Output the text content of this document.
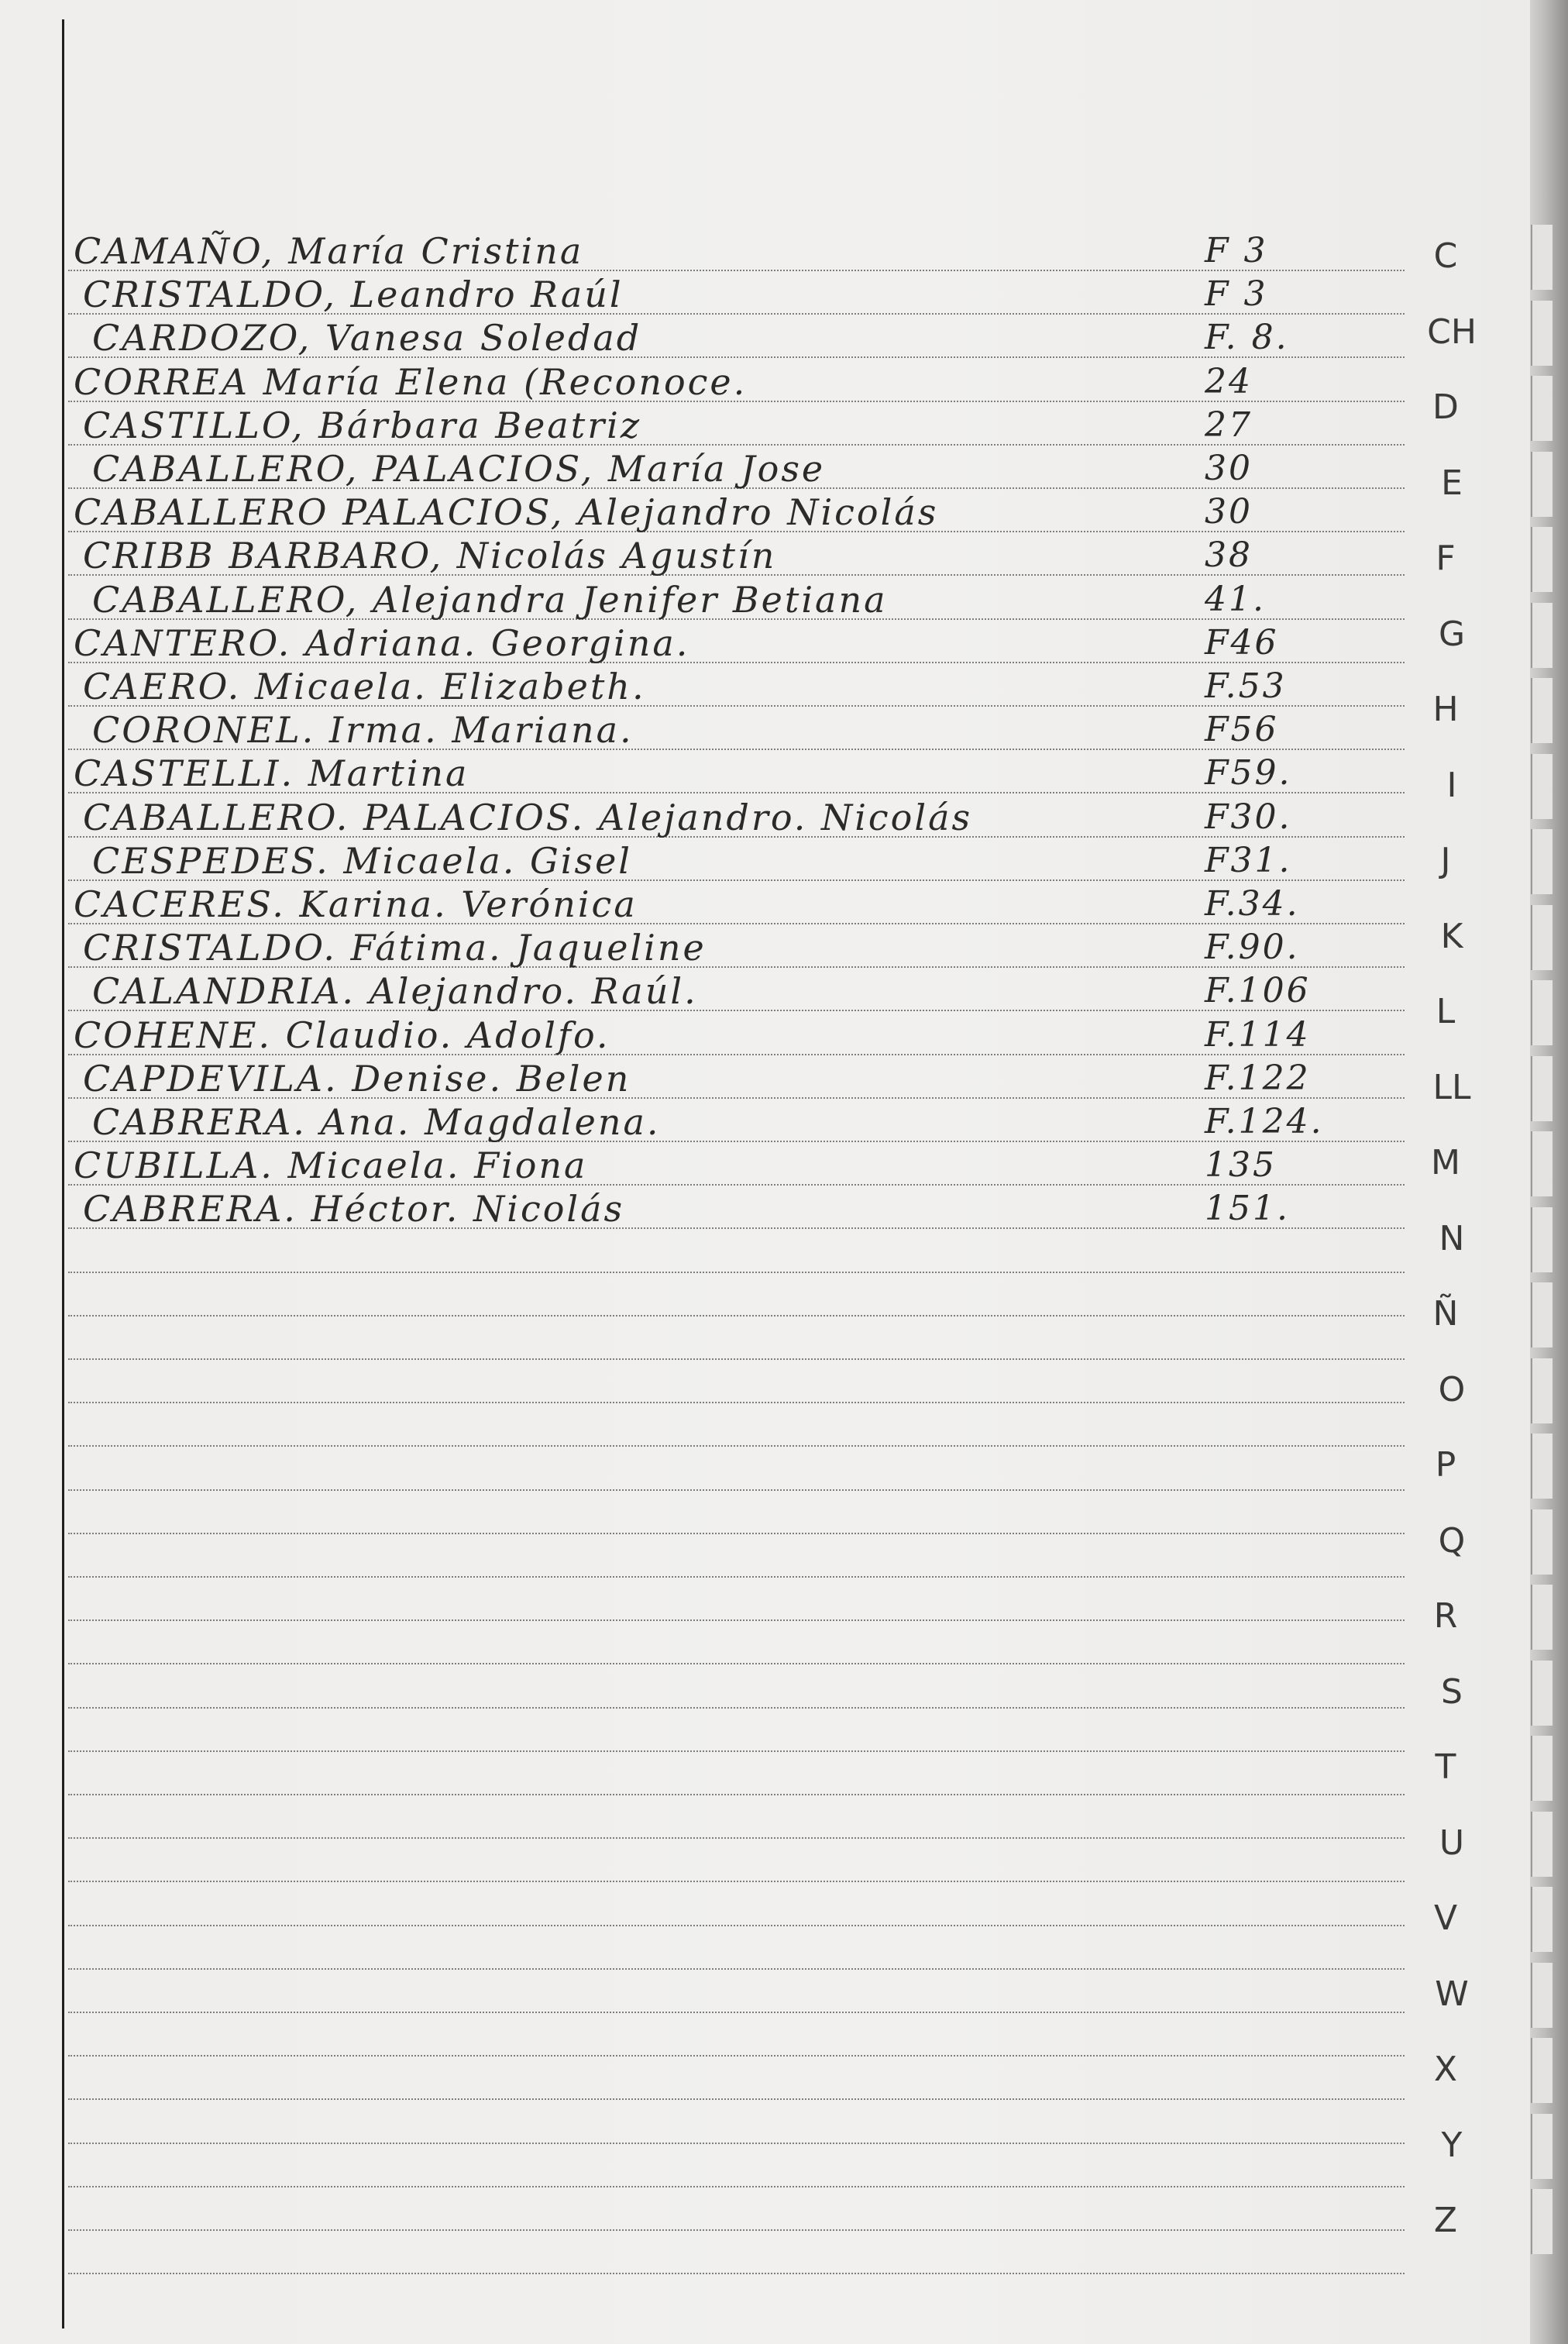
CAMAÑO, María Cristina	F 3
CRISTALDO, Leandro Raúl	F 3
CARDOZO, Vanesa Soledad	F. 8.
CORREA María Elena (Reconoce.	24
CASTILLO, Bárbara Beatriz	27
CABALLERO, PALACIOS, María Jose	30
CABALLERO PALACIOS, Alejandro Nicolás	30
CRIBB BARBARO, Nicolás Agustín	38
CABALLERO, Alejandra Jenifer Betiana	41.
CANTERO. Adriana. Georgina.	F46
CAERO. Micaela. Elizabeth.	F.53
CORONEL. Irma. Mariana.	F56
CASTELLI. Martina	F59.
CABALLERO. PALACIOS. Alejandro. Nicolás	F30.
CESPEDES. Micaela. Gisel	F31.
CACERES. Karina. Verónica	F.34.
CRISTALDO. Fátima. Jaqueline	F.90.
CALANDRIA. Alejandro. Raúl.	F.106
COHENE. Claudio. Adolfo.	F.114
CAPDEVILA. Denise. Belen	F.122
CABRERA. Ana. Magdalena.	F.124.
CUBILLA. Micaela. Fiona	135
CABRERA. Héctor. Nicolás	151.
C
CH
D
E
F
G
H
I
J
K
L
LL
M
N
Ñ
O
P
Q
R
S
T
U
V
W
X
Y
Z
